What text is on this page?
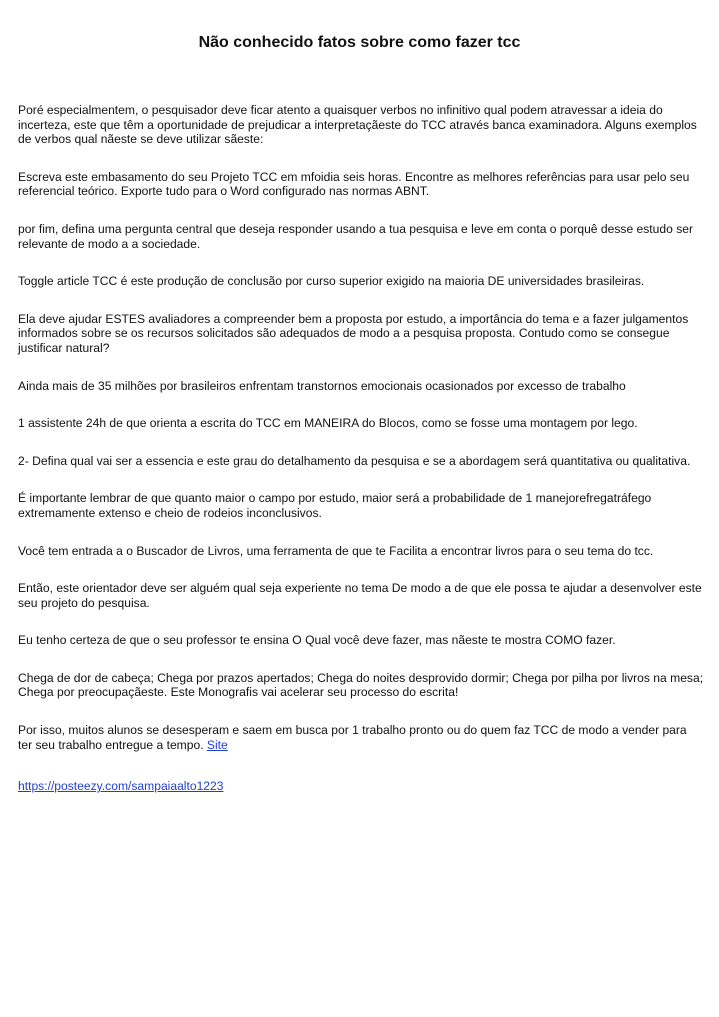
Não conhecido fatos sobre como fazer tcc

Poré especialmentem, o pesquisador deve ficar atento a quaisquer verbos no infinitivo qual podem atravessar a ideia do incerteza, este que têm a oportunidade de prejudicar a interpretaçãeste do TCC através banca examinadora. Alguns exemplos de verbos qual nãeste se deve utilizar sãeste:

Escreva este embasamento do seu Projeto TCC em mfoidia seis horas. Encontre as melhores referências para usar pelo seu referencial teórico. Exporte tudo para o Word configurado nas normas ABNT.

por fim, defina uma pergunta central que deseja responder usando a tua pesquisa e leve em conta o porquê desse estudo ser relevante de modo a a sociedade.

Toggle article TCC é este produção de conclusão por curso superior exigido na maioria DE universidades brasileiras.

Ela deve ajudar ESTES avaliadores a compreender bem a proposta por estudo, a importância do tema e a fazer julgamentos informados sobre se os recursos solicitados são adequados de modo a a pesquisa proposta. Contudo como se consegue justificar natural?

Ainda mais de 35 milhões por brasileiros enfrentam transtornos emocionais ocasionados por excesso de trabalho

1 assistente 24h de que orienta a escrita do TCC em MANEIRA do Blocos, como se fosse uma montagem por lego.

2- Defina qual vai ser a essencia e este grau do detalhamento da pesquisa e se a abordagem será quantitativa ou qualitativa.

É importante lembrar de que quanto maior o campo por estudo, maior será a probabilidade de 1 manejorefregatráfego extremamente extenso e cheio de rodeios inconclusivos.

Você tem entrada a o Buscador de Livros, uma ferramenta de que te Facilita a encontrar livros para o seu tema do tcc.

Então, este orientador deve ser alguém qual seja experiente no tema De modo a de que ele possa te ajudar a desenvolver este seu projeto do pesquisa.

Eu tenho certeza de que o seu professor te ensina O Qual você deve fazer, mas nãeste te mostra COMO fazer.

Chega de dor de cabeça; Chega por prazos apertados; Chega do noites desprovido dormir; Chega por pilha por livros na mesa; Chega por preocupaçãeste. Este Monografis vai acelerar seu processo do escrita!

Por isso, muitos alunos se desesperam e saem em busca por 1 trabalho pronto ou do quem faz TCC de modo a vender para ter seu trabalho entregue a tempo. Site

https://posteezy.com/sampaiaalto1223
